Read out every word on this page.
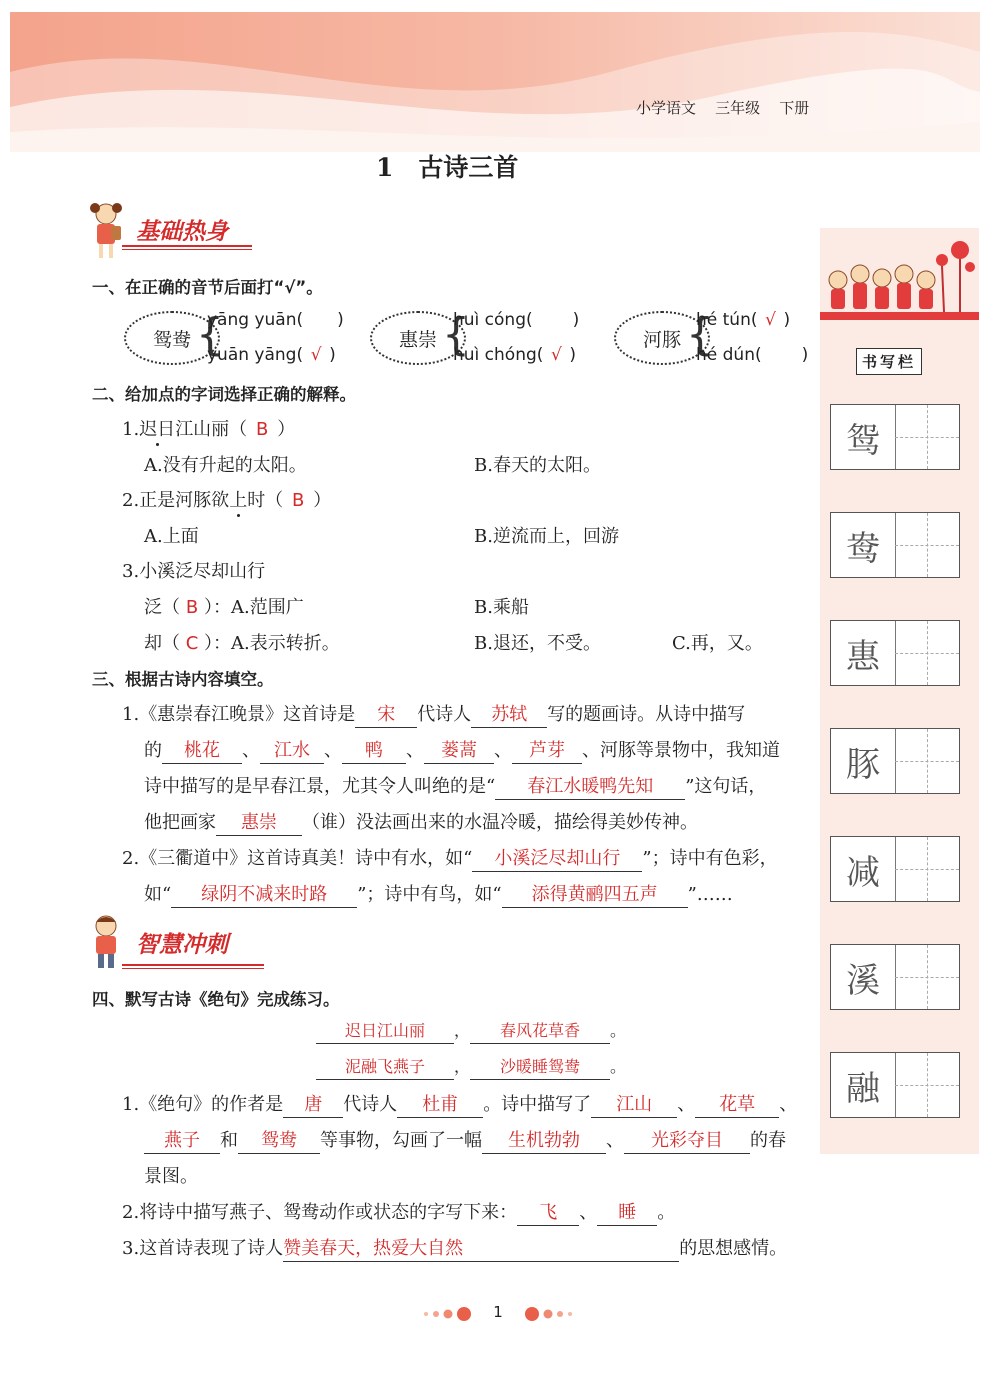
小学语文 三年级 下册
1　古诗三首
书写栏
鸳
鸯
惠
豚
减
溪
融
基础热身
一、在正确的音节后面打“√”。
鸳鸯 {
yāng yuān( )
yuān yāng( √ )
惠崇 {
huì cóng( )
huì chóng( √ )
河豚 {
hé tún( √ )
hé dún( )
二、给加点的字词选择正确的解释。
1.迟日江山丽（ B ）
A.没有升起的太阳。	B.春天的太阳。
2.正是河豚欲上时（ B ）
A.上面	B.逆流而上，回游
3.小溪泛尽却山行
泛（ B ）：A.范围广	B.乘船
却（ C ）：A.表示转折。	B.退还，不受。	C.再，又。
三、根据古诗内容填空。
1.《惠崇春江晚景》这首诗是 宋 代诗人 苏轼 写的题画诗。从诗中描写
的 桃花 、 江水 、 鸭 、 蒌蒿 、 芦芽 、河豚等景物中，我知道
诗中描写的是早春江景，尤其令人叫绝的是“ 春江水暖鸭先知 ”这句话，
他把画家 惠崇 （谁）没法画出来的水温冷暖，描绘得美妙传神。
2.《三衢道中》这首诗真美！诗中有水，如“ 小溪泛尽却山行 ”；诗中有色彩，
如“ 绿阴不减来时路 ”；诗中有鸟，如“ 添得黄鹂四五声 ”……
智慧冲刺
四、默写古诗《绝句》完成练习。
迟日江山丽 ， 春风花草香 。
泥融飞燕子 ， 沙暖睡鸳鸯 。
1.《绝句》的作者是 唐 代诗人 杜甫 。诗中描写了 江山 、 花草 、
燕子 和 鸳鸯 等事物，勾画了一幅 生机勃勃 、 光彩夺目 的春
景图。
2.将诗中描写燕子、鸳鸯动作或状态的字写下来： 飞 、 睡 。
3.这首诗表现了诗人赞美春天，热爱大自然	的思想感情。
1
